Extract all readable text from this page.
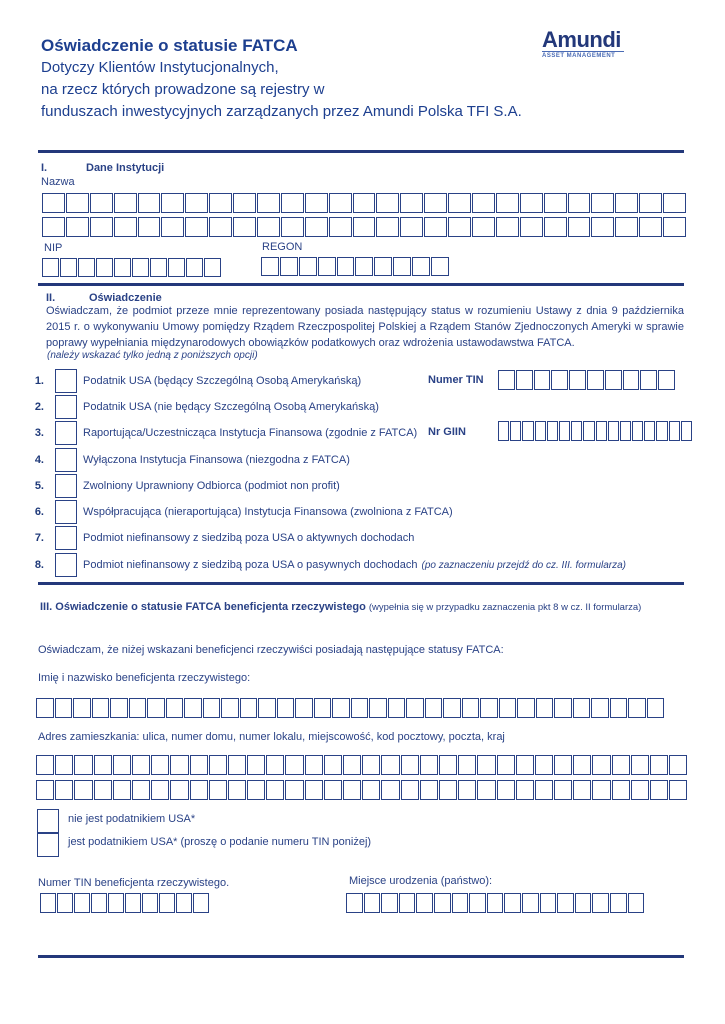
Oświadczenie o statusie FATCA
Dotyczy Klientów Instytucjonalnych,
na rzecz których prowadzone są rejestry w
funduszach inwestycyjnych zarządzanych przez Amundi Polska TFI S.A.
Amundi
ASSET MANAGEMENT
I.	Dane Instytucji
Nazwa
NIP	REGON
II.	Oświadczenie

Oświadczam, że podmiot przeze mnie reprezentowany posiada następujący status w rozumieniu Ustawy z dnia 9 października 2015 r. o wykonywaniu Umowy pomiędzy Rządem Rzeczpospolitej Polskiej a Rządem Stanów Zjednoczonych Ameryki w sprawie poprawy wypełniania międzynarodowych obowiązków podatkowych oraz wdrożenia ustawodawstwa FATCA.

(należy wskazać tylko jedną z poniższych opcji)
1.	Podatnik USA (będący Szczególną Osobą Amerykańską)
2.	Podatnik USA (nie będący Szczególną Osobą Amerykańską)
3.	Raportująca/Uczestnicząca Instytucja Finansowa (zgodnie z FATCA)
4.	Wyłączona Instytucja Finansowa (niezgodna z FATCA)
5.	Zwolniony Uprawniony Odbiorca (podmiot non profit)
6.	Współpracująca (nieraportująca) Instytucja Finansowa (zwolniona z FATCA)
7.	Podmiot niefinansowy z siedzibą poza USA o aktywnych dochodach
8.	Podmiot niefinansowy z siedzibą poza USA o pasywnych dochodach (po zaznaczeniu przejdź do cz. III. formularza)
Numer TIN
Nr GIIN
III. Oświadczenie o statusie FATCA beneficjenta rzeczywistego (wypełnia się w przypadku zaznaczenia pkt 8 w cz. II formularza)
Oświadczam, że niżej wskazani beneficjenci rzeczywiści posiadają następujące statusy FATCA:
Imię i nazwisko beneficjenta rzeczywistego:
Adres zamieszkania: ulica, numer domu, numer lokalu, miejscowość, kod pocztowy, poczta, kraj
nie jest podatnikiem USA*
jest podatnikiem USA* (proszę o podanie numeru TIN poniżej)
Numer TIN beneficjenta rzeczywistego.	Miejsce urodzenia (państwo):
